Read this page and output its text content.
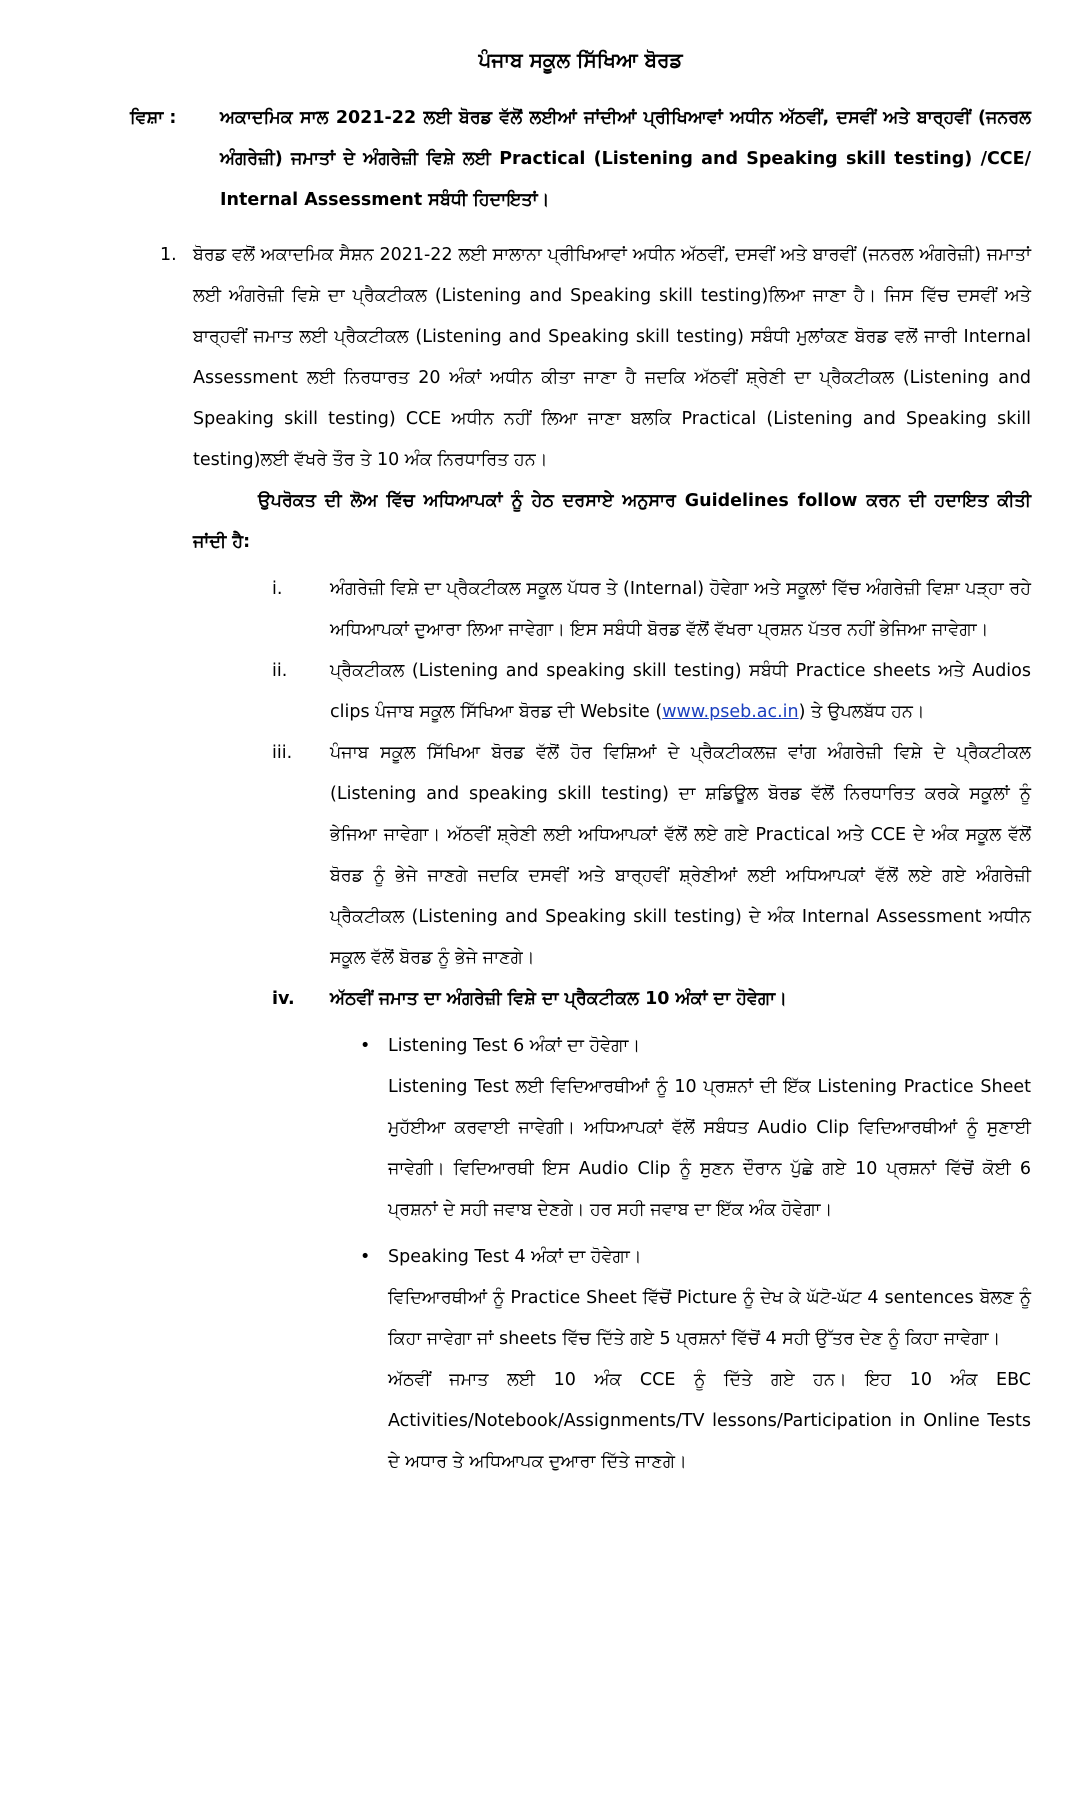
ਪੰਜਾਬ ਸਕੂਲ ਸਿੱਖਿਆ ਬੋਰਡ
ਵਿਸ਼ਾ :	ਅਕਾਦਮਿਕ ਸਾਲ 2021-22 ਲਈ ਬੋਰਡ ਵੱਲੋਂ ਲਈਆਂ ਜਾਂਦੀਆਂ ਪ੍ਰੀਖਿਆਵਾਂ ਅਧੀਨ ਅੱਠਵੀਂ, ਦਸਵੀਂ ਅਤੇ ਬਾਰ੍ਹਵੀਂ (ਜਨਰਲ ਅੰਗਰੇਜ਼ੀ) ਜਮਾਤਾਂ ਦੇ ਅੰਗਰੇਜ਼ੀ ਵਿਸ਼ੇ ਲਈ Practical (Listening and Speaking skill testing) /CCE/ Internal Assessment ਸਬੰਧੀ ਹਿਦਾਇਤਾਂ।
1. ਬੋਰਡ ਵਲੋਂ ਅਕਾਦਮਿਕ ਸੈਸ਼ਨ 2021-22 ਲਈ ਸਾਲਾਨਾ ਪ੍ਰੀਖਿਆਵਾਂ ਅਧੀਨ ਅੱਠਵੀਂ, ਦਸਵੀਂ ਅਤੇ ਬਾਰਵੀਂ (ਜਨਰਲ ਅੰਗਰੇਜ਼ੀ) ਜਮਾਤਾਂ ਲਈ ਅੰਗਰੇਜ਼ੀ ਵਿਸ਼ੇ ਦਾ ਪ੍ਰੈਕਟੀਕਲ (Listening and Speaking skill testing)ਲਿਆ ਜਾਣਾ ਹੈ। ਜਿਸ ਵਿੱਚ ਦਸਵੀਂ ਅਤੇ ਬਾਰ੍ਹਵੀਂ ਜਮਾਤ ਲਈ ਪ੍ਰੈਕਟੀਕਲ (Listening and Speaking skill testing) ਸਬੰਧੀ ਮੁਲਾਂਕਣ ਬੋਰਡ ਵਲੋਂ ਜਾਰੀ Internal Assessment ਲਈ ਨਿਰਧਾਰਤ 20 ਅੰਕਾਂ ਅਧੀਨ ਕੀਤਾ ਜਾਣਾ ਹੈ ਜਦਕਿ ਅੱਠਵੀਂ ਸ਼੍ਰੇਣੀ ਦਾ ਪ੍ਰੈਕਟੀਕਲ (Listening and Speaking skill testing) CCE ਅਧੀਨ ਨਹੀਂ ਲਿਆ ਜਾਣਾ ਬਲਕਿ Practical (Listening and Speaking skill testing)ਲਈ ਵੱਖਰੇ ਤੌਰ ਤੇ 10 ਅੰਕ ਨਿਰਧਾਰਿਤ ਹਨ।
ਉਪਰੋਕਤ ਦੀ ਲੋਅ ਵਿੱਚ ਅਧਿਆਪਕਾਂ ਨੂੰ ਹੇਠ ਦਰਸਾਏ ਅਨੁਸਾਰ Guidelines follow ਕਰਨ ਦੀ ਹਦਾਇਤ ਕੀਤੀ ਜਾਂਦੀ ਹੈ:
i.	ਅੰਗਰੇਜ਼ੀ ਵਿਸ਼ੇ ਦਾ ਪ੍ਰੈਕਟੀਕਲ ਸਕੂਲ ਪੱਧਰ ਤੇ (Internal) ਹੋਵੇਗਾ ਅਤੇ ਸਕੂਲਾਂ ਵਿੱਚ ਅੰਗਰੇਜ਼ੀ ਵਿਸ਼ਾ ਪੜ੍ਹਾ ਰਹੇ ਅਧਿਆਪਕਾਂ ਦੁਆਰਾ ਲਿਆ ਜਾਵੇਗਾ। ਇਸ ਸਬੰਧੀ ਬੋਰਡ ਵੱਲੋਂ ਵੱਖਰਾ ਪ੍ਰਸ਼ਨ ਪੱਤਰ ਨਹੀਂ ਭੇਜਿਆ ਜਾਵੇਗਾ।
ii.	ਪ੍ਰੈਕਟੀਕਲ (Listening and speaking skill testing) ਸਬੰਧੀ Practice sheets ਅਤੇ Audios clips ਪੰਜਾਬ ਸਕੂਲ ਸਿੱਖਿਆ ਬੋਰਡ ਦੀ Website (www.pseb.ac.in) ਤੇ ਉਪਲਬੱਧ ਹਨ।
iii.	ਪੰਜਾਬ ਸਕੂਲ ਸਿੱਖਿਆ ਬੋਰਡ ਵੱਲੋਂ ਹੋਰ ਵਿਸ਼ਿਆਂ ਦੇ ਪ੍ਰੈਕਟੀਕਲਜ਼ ਵਾਂਗ ਅੰਗਰੇਜ਼ੀ ਵਿਸ਼ੇ ਦੇ ਪ੍ਰੈਕਟੀਕਲ (Listening and speaking skill testing) ਦਾ ਸ਼ਡਿਊਲ ਬੋਰਡ ਵੱਲੋਂ ਨਿਰਧਾਰਿਤ ਕਰਕੇ ਸਕੂਲਾਂ ਨੂੰ ਭੇਜਿਆ ਜਾਵੇਗਾ। ਅੱਠਵੀਂ ਸ਼੍ਰੇਣੀ ਲਈ ਅਧਿਆਪਕਾਂ ਵੱਲੋਂ ਲਏ ਗਏ Practical ਅਤੇ CCE ਦੇ ਅੰਕ ਸਕੂਲ ਵੱਲੋਂ ਬੋਰਡ ਨੂੰ ਭੇਜੇ ਜਾਣਗੇ ਜਦਕਿ ਦਸਵੀਂ ਅਤੇ ਬਾਰ੍ਹਵੀਂ ਸ਼੍ਰੇਣੀਆਂ ਲਈ ਅਧਿਆਪਕਾਂ ਵੱਲੋਂ ਲਏ ਗਏ ਅੰਗਰੇਜ਼ੀ ਪ੍ਰੈਕਟੀਕਲ (Listening and Speaking skill testing) ਦੇ ਅੰਕ Internal Assessment ਅਧੀਨ ਸਕੂਲ ਵੱਲੋਂ ਬੋਰਡ ਨੂੰ ਭੇਜੇ ਜਾਣਗੇ।
iv.	ਅੱਠਵੀਂ ਜਮਾਤ ਦਾ ਅੰਗਰੇਜ਼ੀ ਵਿਸ਼ੇ ਦਾ ਪ੍ਰੈਕਟੀਕਲ 10 ਅੰਕਾਂ ਦਾ ਹੋਵੇਗਾ।
• Listening Test 6 ਅੰਕਾਂ ਦਾ ਹੋਵੇਗਾ।
Listening Test ਲਈ ਵਿਦਿਆਰਥੀਆਂ ਨੂੰ 10 ਪ੍ਰਸ਼ਨਾਂ ਦੀ ਇੱਕ Listening Practice Sheet ਮੁਹੱਈਆ ਕਰਵਾਈ ਜਾਵੇਗੀ। ਅਧਿਆਪਕਾਂ ਵੱਲੋਂ ਸਬੰਧਤ Audio Clip ਵਿਦਿਆਰਥੀਆਂ ਨੂੰ ਸੁਣਾਈ ਜਾਵੇਗੀ। ਵਿਦਿਆਰਥੀ ਇਸ Audio Clip ਨੂੰ ਸੁਣਨ ਦੌਰਾਨ ਪੁੱਛੇ ਗਏ 10 ਪ੍ਰਸ਼ਨਾਂ ਵਿੱਚੋਂ ਕੋਈ 6 ਪ੍ਰਸ਼ਨਾਂ ਦੇ ਸਹੀ ਜਵਾਬ ਦੇਣਗੇ। ਹਰ ਸਹੀ ਜਵਾਬ ਦਾ ਇੱਕ ਅੰਕ ਹੋਵੇਗਾ।
• Speaking Test 4 ਅੰਕਾਂ ਦਾ ਹੋਵੇਗਾ।
ਵਿਦਿਆਰਥੀਆਂ ਨੂੰ Practice Sheet ਵਿੱਚੋਂ Picture ਨੂੰ ਦੇਖ ਕੇ ਘੱਟੋ-ਘੱਟ 4 sentences ਬੋਲਣ ਨੂੰ ਕਿਹਾ ਜਾਵੇਗਾ ਜਾਂ sheets ਵਿੱਚ ਦਿੱਤੇ ਗਏ 5 ਪ੍ਰਸ਼ਨਾਂ ਵਿੱਚੋਂ 4 ਸਹੀ ਉੱਤਰ ਦੇਣ ਨੂੰ ਕਿਹਾ ਜਾਵੇਗਾ।
ਅੱਠਵੀਂ ਜਮਾਤ ਲਈ 10 ਅੰਕ CCE ਨੂੰ ਦਿੱਤੇ ਗਏ ਹਨ। ਇਹ 10 ਅੰਕ EBC Activities/Notebook/Assignments/TV lessons/Participation in Online Tests ਦੇ ਅਧਾਰ ਤੇ ਅਧਿਆਪਕ ਦੁਆਰਾ ਦਿੱਤੇ ਜਾਣਗੇ।
